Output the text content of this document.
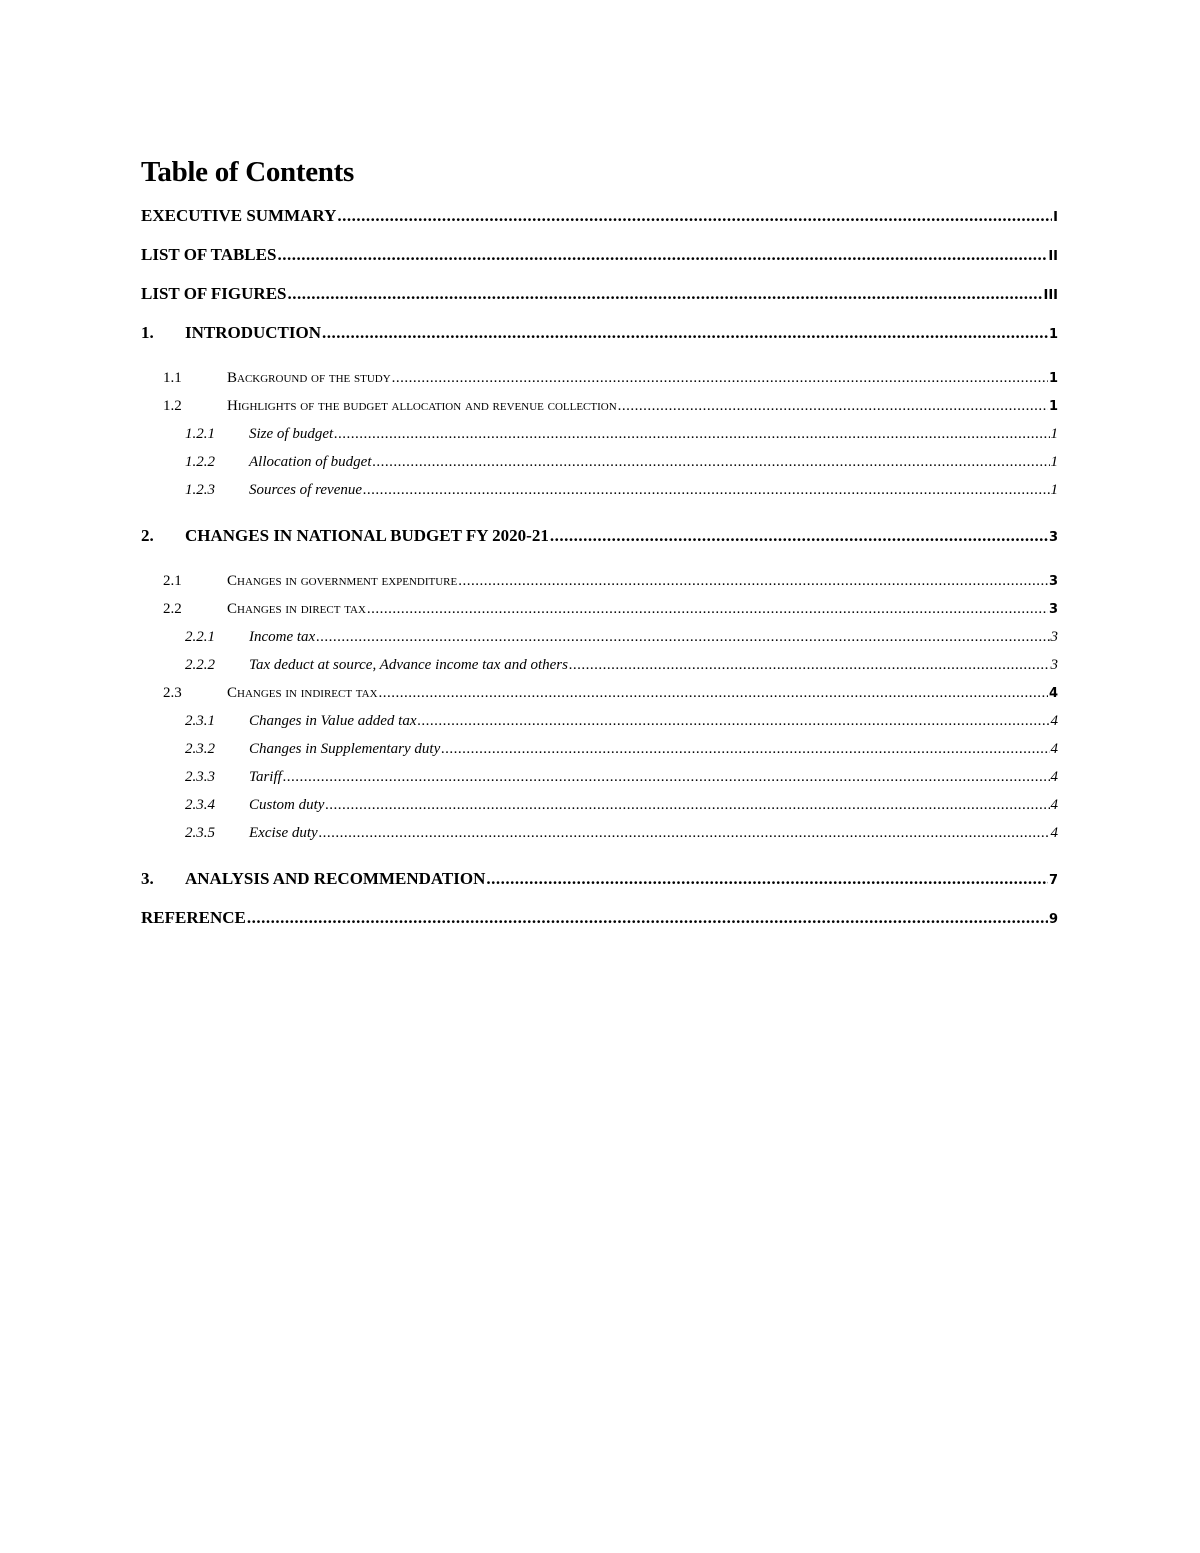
Table of Contents
EXECUTIVE SUMMARY .....	I
LIST OF TABLES .....	II
LIST OF FIGURES .....	III
1.	INTRODUCTION .....	1
1.1	Background of the study .....	1
1.2	Highlights of the budget allocation and revenue collection .....	1
1.2.1	Size of budget .....	1
1.2.2	Allocation of budget .....	1
1.2.3	Sources of revenue .....	1
2.	CHANGES IN NATIONAL BUDGET FY 2020-21 .....	3
2.1	Changes in government expenditure .....	3
2.2	Changes in direct tax .....	3
2.2.1	Income tax .....	3
2.2.2	Tax deduct at source, Advance income tax and others .....	3
2.3	Changes in indirect tax .....	4
2.3.1	Changes in Value added tax .....	4
2.3.2	Changes in Supplementary duty .....	4
2.3.3	Tariff .....	4
2.3.4	Custom duty .....	4
2.3.5	Excise duty .....	4
3.	ANALYSIS AND RECOMMENDATION .....	7
REFERENCE .....	9
